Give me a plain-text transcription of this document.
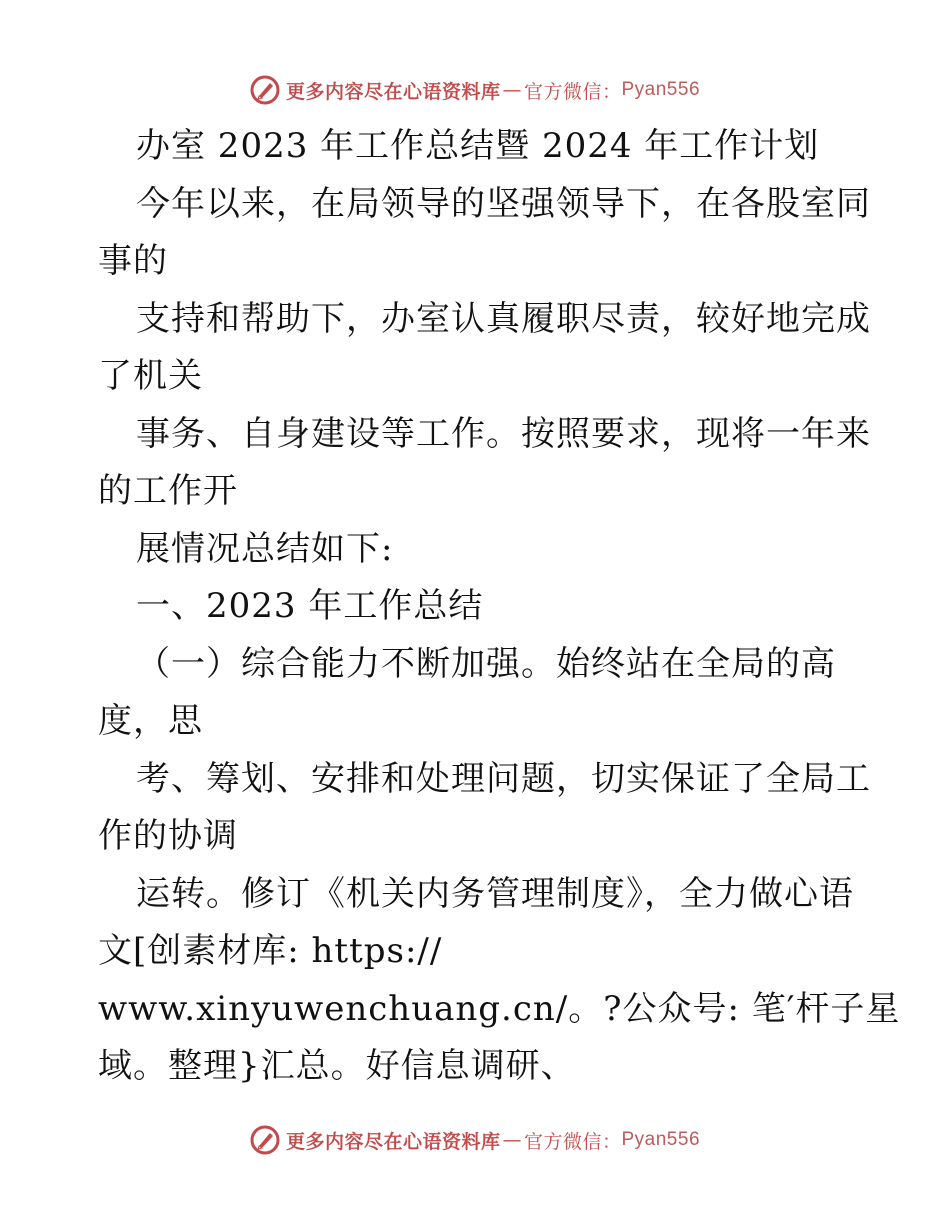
更多内容尽在心语资料库 — 官方微信： Pyan556
办室 2023 年工作总结暨 2024 年工作计划
今年以来，在局领导的坚强领导下，在各股室同
事的
支持和帮助下，办室认真履职尽责，较好地完成
了机关
事务、自身建设等工作。按照要求，现将一年来
的工作开
展情况总结如下:
一、2023 年工作总结
（一）综合能力不断加强。始终站在全局的高
度，思
考、筹划、安排和处理问题，切实保证了全局工
作的协调
运转。修订《机关内务管理制度》，全力做心语
文[创素材库: https://
www.xinyuwenchuang.cn/。?公众号: 笔′杆子星
域。整理}汇总。好信息调研、
更多内容尽在心语资料库 — 官方微信： Pyan556
